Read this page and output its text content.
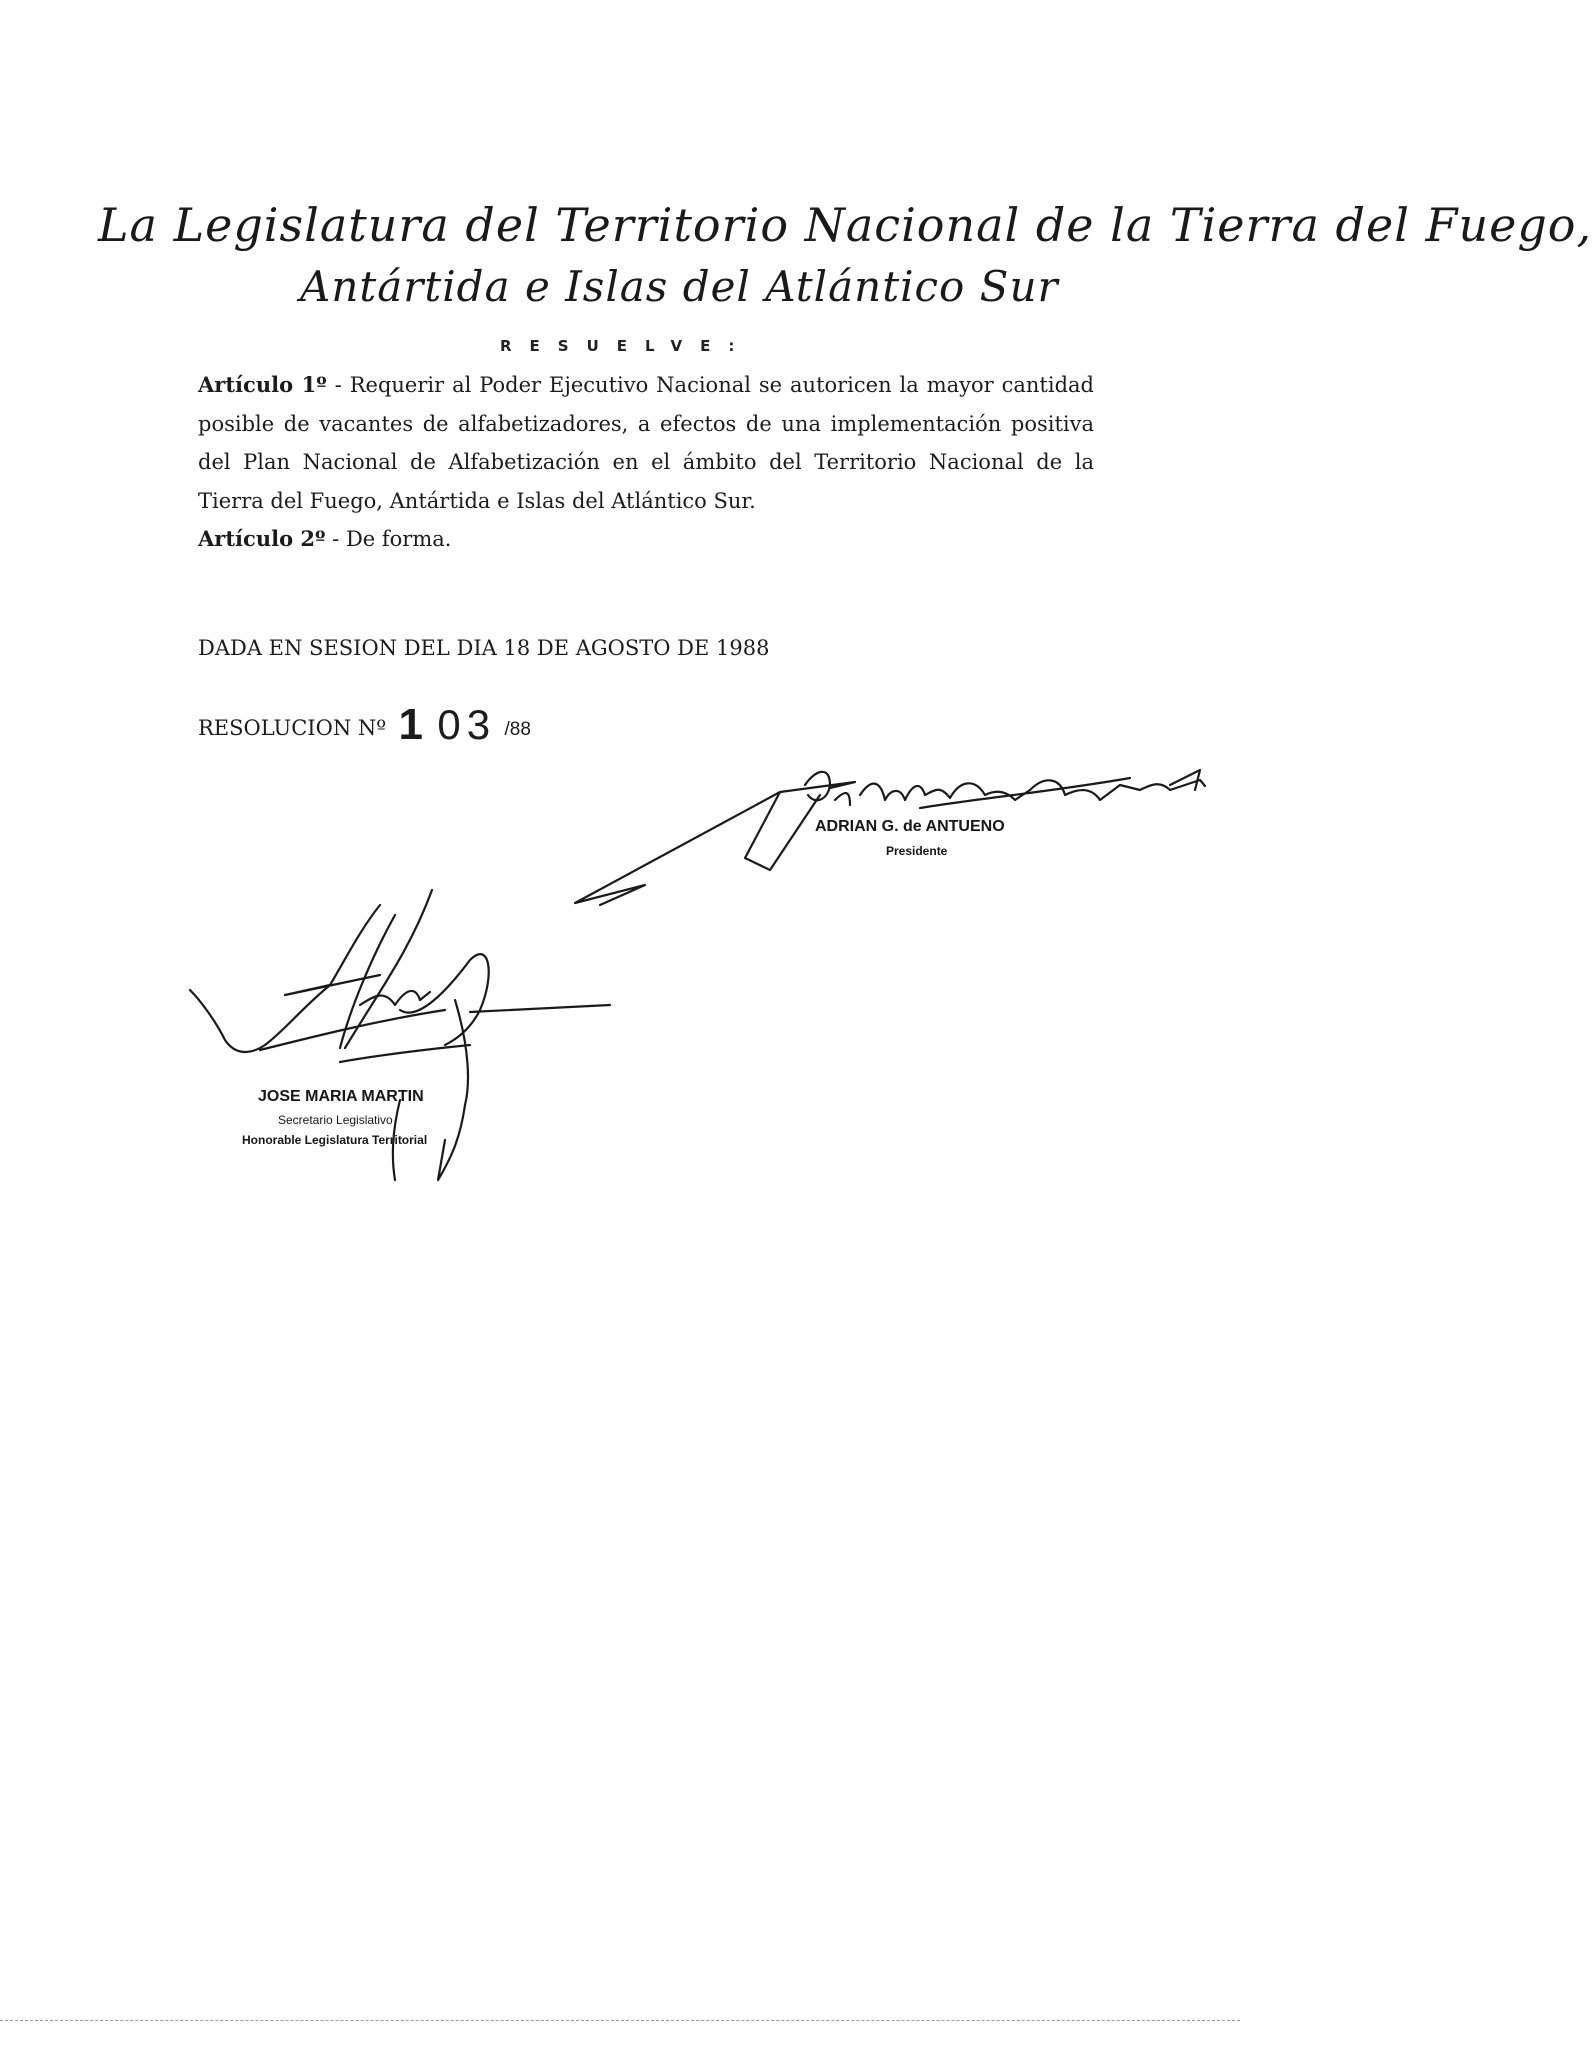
La Legislatura del Territorio Nacional de la Tierra del Fuego,
Antártida e Islas del Atlántico Sur
RESUELVE:

Artículo 1º - Requerir al Poder Ejecutivo Nacional se autoricen la mayor cantidad posible de vacantes de alfabetizadores, a efectos de una implementación positiva del Plan Nacional de Alfabetización en el ámbito del Territorio Nacional de la Tierra del Fuego, Antártida e Islas del Atlántico Sur.

Artículo 2º - De forma.

DADA EN SESION DEL DIA 18 DE AGOSTO DE 1988
RESOLUCION Nº 1 03 /88
ADRIAN G. de ANTUENO
Presidente
JOSE MARIA MARTIN
Secretario Legislativo
Honorable Legislatura Territorial
